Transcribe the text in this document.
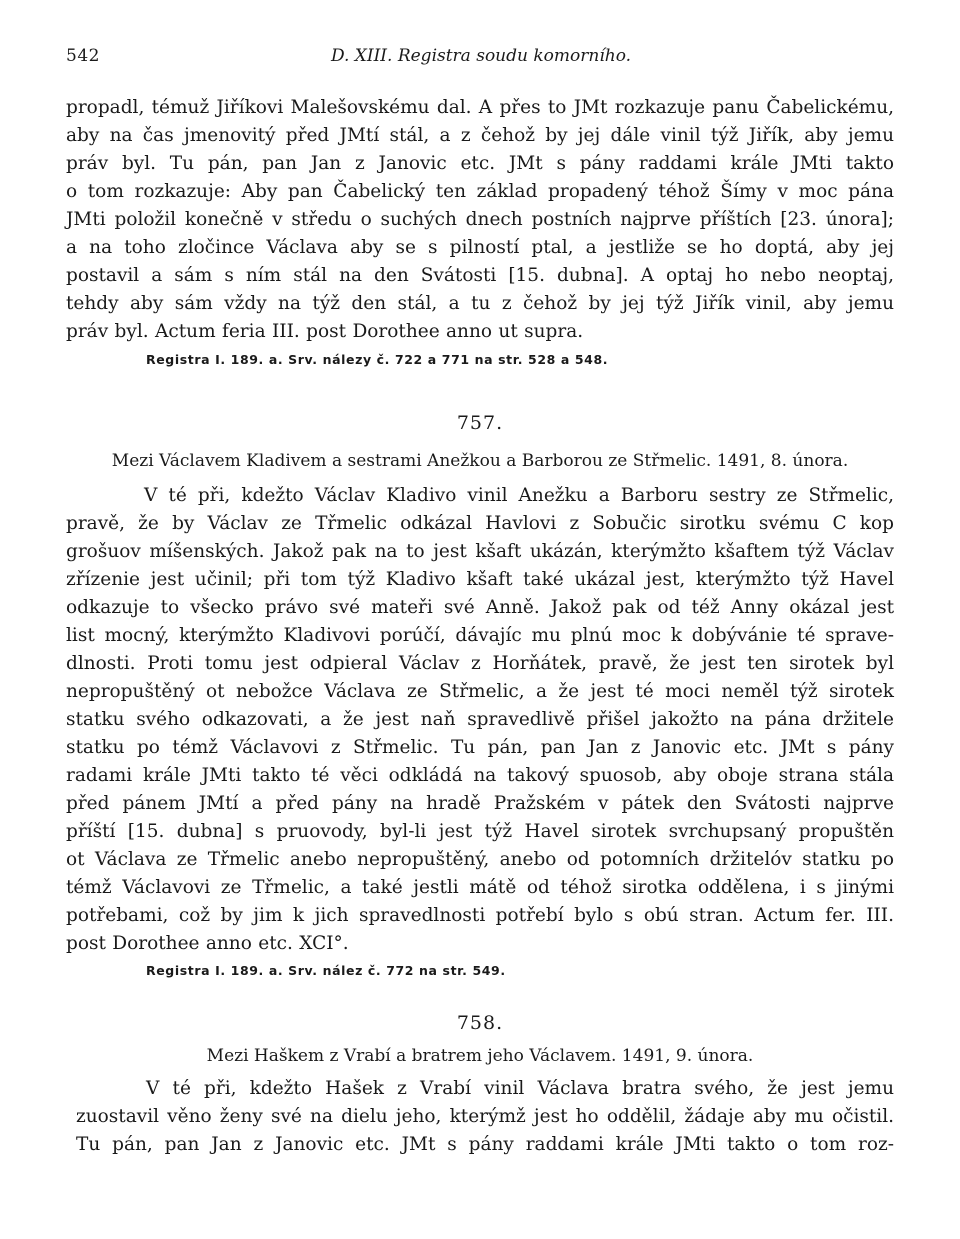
542	D. XIII. Registra soudu komorního.
propadl, témuž Jiříkovi Malešovskému dal. A přes to JMt rozkazuje panu Čabelickému,
aby na čas jmenovitý před JMtí stál, a z čehož by jej dále vinil týž Jiřík, aby jemu
práv byl. Tu pán, pan Jan z Janovic etc. JMt s pány raddami krále JMti takto
o tom rozkazuje: Aby pan Čabelický ten základ propadený téhož Šímy v moc pána
JMti položil konečně v středu o suchých dnech postních najprve příštích [23. února];
a na toho zločince Václava aby se s pilností ptal, a jestliže se ho doptá, aby jej
postavil a sám s ním stál na den Svátosti [15. dubna]. A optaj ho nebo neoptaj,
tehdy aby sám vždy na týž den stál, a tu z čehož by jej týž Jiřík vinil, aby jemu
práv byl. Actum feria III. post Dorothee anno ut supra.
Registra I. 189. a. Srv. nálezy č. 722 a 771 na str. 528 a 548.
757.
Mezi Václavem Kladivem a sestrami Anežkou a Barborou ze Střmelic. 1491, 8. února.
V té při, kdežto Václav Kladivo vinil Anežku a Barboru sestry ze Střmelic,
pravě, že by Václav ze Třmelic odkázal Havlovi z Sobučic sirotku svému C kop
grošuov míšenských. Jakož pak na to jest kšaft ukázán, kterýmžto kšaftem týž Václav
zřízenie jest učinil; při tom týž Kladivo kšaft také ukázal jest, kterýmžto týž Havel
odkazuje to všecko právo své mateři své Anně. Jakož pak od též Anny okázal jest
list mocný, kterýmžto Kladivovi porúčí, dávajíc mu plnú moc k dobývánie té sprave-
dlnosti. Proti tomu jest odpieral Václav z Horňátek, pravě, že jest ten sirotek byl
nepropuštěný ot nebožce Václava ze Střmelic, a že jest té moci neměl týž sirotek
statku svého odkazovati, a že jest naň spravedlivě přišel jakožto na pána držitele
statku po témž Václavovi z Střmelic. Tu pán, pan Jan z Janovic etc. JMt s pány
radami krále JMti takto té věci odkládá na takový spuosob, aby oboje strana stála
před pánem JMtí a před pány na hradě Pražském v pátek den Svátosti najprve
příští [15. dubna] s pruovody, byl-li jest týž Havel sirotek svrchupsaný propuštěn
ot Václava ze Třmelic anebo nepropuštěný, anebo od potomních držitelóv statku po
témž Václavovi ze Třmelic, a také jestli mátě od téhož sirotka oddělena, i s jinými
potřebami, což by jim k jich spravedlnosti potřebí bylo s obú stran. Actum fer. III.
post Dorothee anno etc. XCI°.
Registra I. 189. a. Srv. nález č. 772 na str. 549.
758.
Mezi Haškem z Vrabí a bratrem jeho Václavem. 1491, 9. února.
V té při, kdežto Hašek z Vrabí vinil Václava bratra svého, že jest jemu
zuostavil věno ženy své na dielu jeho, kterýmž jest ho oddělil, žádaje aby mu očistil.
Tu pán, pan Jan z Janovic etc. JMt s pány raddami krále JMti takto o tom roz-
